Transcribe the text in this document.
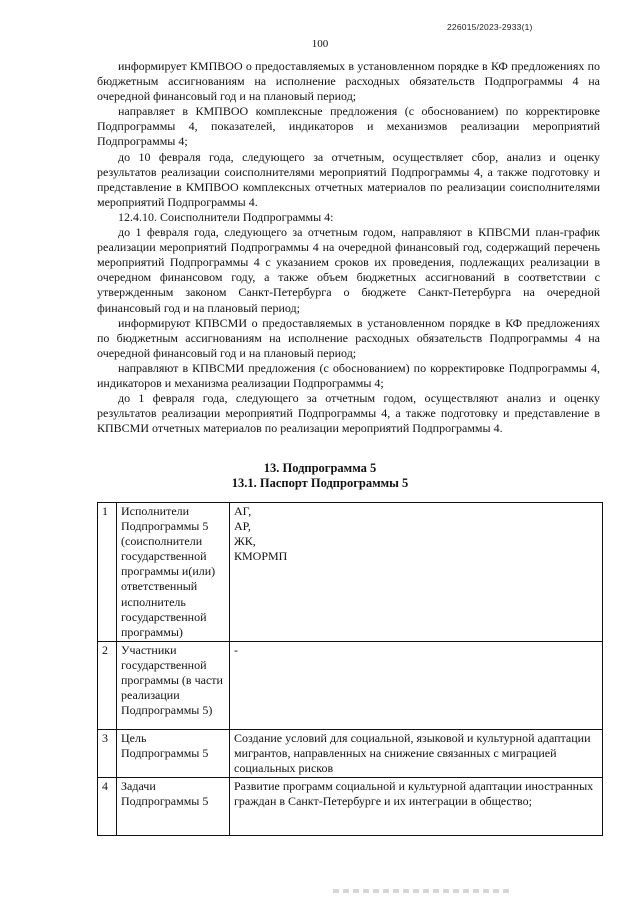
226015/2023-2933(1)
100

информирует КМПВОО о предоставляемых в установленном порядке в КФ предложениях по бюджетным ассигнованиям на исполнение расходных обязательств Подпрограммы 4 на очередной финансовый год и на плановый период;

направляет в КМПВОО комплексные предложения (с обоснованием) по корректировке Подпрограммы 4, показателей, индикаторов и механизмов реализации мероприятий Подпрограммы 4;

до 10 февраля года, следующего за отчетным, осуществляет сбор, анализ и оценку результатов реализации соисполнителями мероприятий Подпрограммы 4, а также подготовку и представление в КМПВОО комплексных отчетных материалов по реализации соисполнителями мероприятий Подпрограммы 4.

12.4.10. Соисполнители Подпрограммы 4:

до 1 февраля года, следующего за отчетным годом, направляют в КПВСМИ план-график реализации мероприятий Подпрограммы 4 на очередной финансовый год, содержащий перечень мероприятий Подпрограммы 4 с указанием сроков их проведения, подлежащих реализации в очередном финансовом году, а также объем бюджетных ассигнований в соответствии с утвержденным законом Санкт-Петербурга о бюджете Санкт-Петербурга на очередной финансовый год и на плановый период;

информируют КПВСМИ о предоставляемых в установленном порядке в КФ предложениях по бюджетным ассигнованиям на исполнение расходных обязательств Подпрограммы 4 на очередной финансовый год и на плановый период;

направляют в КПВСМИ предложения (с обоснованием) по корректировке Подпрограммы 4, индикаторов и механизма реализации Подпрограммы 4;

до 1 февраля года, следующего за отчетным годом, осуществляют анализ и оценку результатов реализации мероприятий Подпрограммы 4, а также подготовку и представление в КПВСМИ отчетных материалов по реализации мероприятий Подпрограммы 4.

13. Подпрограмма 5
13.1. Паспорт Подпрограммы 5
1	Исполнители Подпрограммы 5 (соисполнители государственной программы и(или) ответственный исполнитель государственной программы)	АГ,
АР,
ЖК,
КМОРМП

2	Участники государственной программы (в части реализации Подпрограммы 5)	-
3	Цель Подпрограммы 5	Создание условий для социальной, языковой и культурной адаптации мигрантов, направленных на снижение связанных с миграцией социальных рисков
4	Задачи Подпрограммы 5	Развитие программ социальной и культурной адаптации иностранных граждан в Санкт-Петербурге и их интеграции в общество;
